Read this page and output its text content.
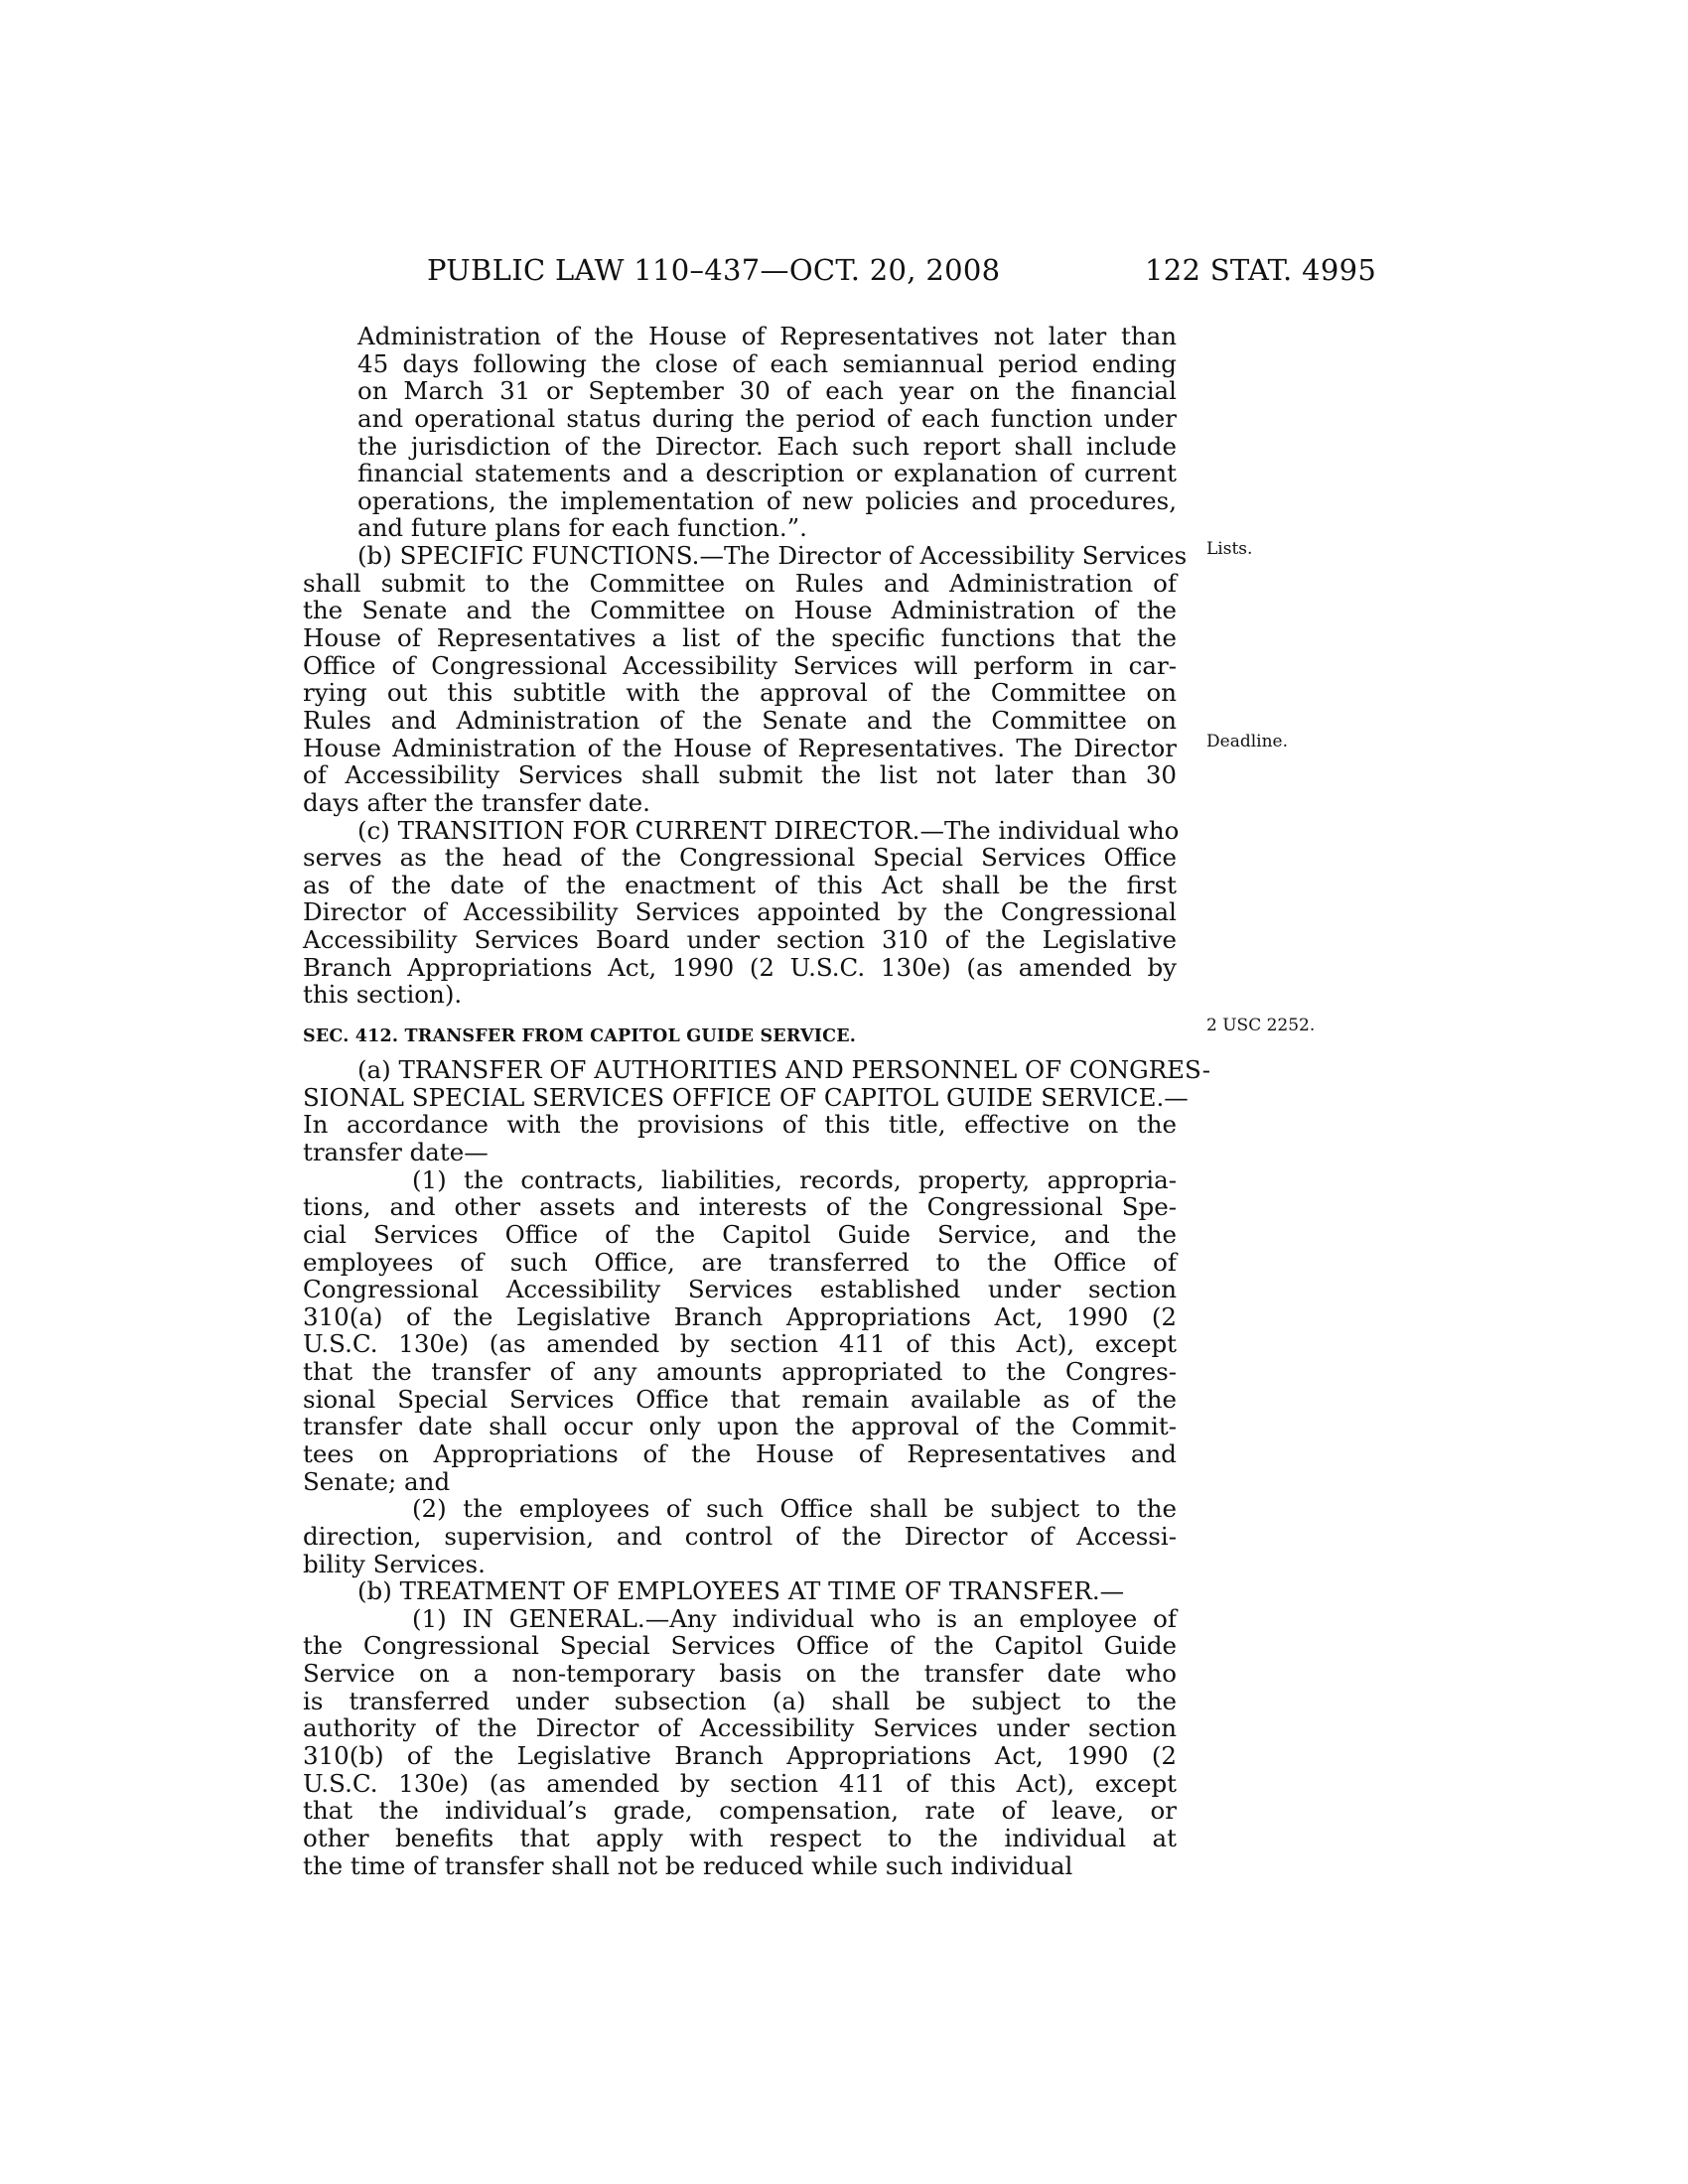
PUBLIC LAW 110–437—OCT. 20, 2008	122 STAT. 4995
Lists.
Deadline.
2 USC 2252.
Administration of the House of Representatives not later than
45 days following the close of each semiannual period ending
on March 31 or September 30 of each year on the financial
and operational status during the period of each function under
the jurisdiction of the Director. Each such report shall include
financial statements and a description or explanation of current
operations, the implementation of new policies and procedures,
and future plans for each function.”.
(b) SPECIFIC FUNCTIONS.—The Director of Accessibility Services
shall submit to the Committee on Rules and Administration of
the Senate and the Committee on House Administration of the
House of Representatives a list of the specific functions that the
Office of Congressional Accessibility Services will perform in car-
rying out this subtitle with the approval of the Committee on
Rules and Administration of the Senate and the Committee on
House Administration of the House of Representatives. The Director
of Accessibility Services shall submit the list not later than 30
days after the transfer date.
(c) TRANSITION FOR CURRENT DIRECTOR.—The individual who
serves as the head of the Congressional Special Services Office
as of the date of the enactment of this Act shall be the first
Director of Accessibility Services appointed by the Congressional
Accessibility Services Board under section 310 of the Legislative
Branch Appropriations Act, 1990 (2 U.S.C. 130e) (as amended by
this section).
SEC. 412. TRANSFER FROM CAPITOL GUIDE SERVICE.
(a) TRANSFER OF AUTHORITIES AND PERSONNEL OF CONGRES-
SIONAL SPECIAL SERVICES OFFICE OF CAPITOL GUIDE SERVICE.—
In accordance with the provisions of this title, effective on the
transfer date—
(1) the contracts, liabilities, records, property, appropria-
tions, and other assets and interests of the Congressional Spe-
cial Services Office of the Capitol Guide Service, and the
employees of such Office, are transferred to the Office of
Congressional Accessibility Services established under section
310(a) of the Legislative Branch Appropriations Act, 1990 (2
U.S.C. 130e) (as amended by section 411 of this Act), except
that the transfer of any amounts appropriated to the Congres-
sional Special Services Office that remain available as of the
transfer date shall occur only upon the approval of the Commit-
tees on Appropriations of the House of Representatives and
Senate; and
(2) the employees of such Office shall be subject to the
direction, supervision, and control of the Director of Accessi-
bility Services.
(b) TREATMENT OF EMPLOYEES AT TIME OF TRANSFER.—
(1) IN GENERAL.—Any individual who is an employee of
the Congressional Special Services Office of the Capitol Guide
Service on a non-temporary basis on the transfer date who
is transferred under subsection (a) shall be subject to the
authority of the Director of Accessibility Services under section
310(b) of the Legislative Branch Appropriations Act, 1990 (2
U.S.C. 130e) (as amended by section 411 of this Act), except
that the individual’s grade, compensation, rate of leave, or
other benefits that apply with respect to the individual at
the time of transfer shall not be reduced while such individual
